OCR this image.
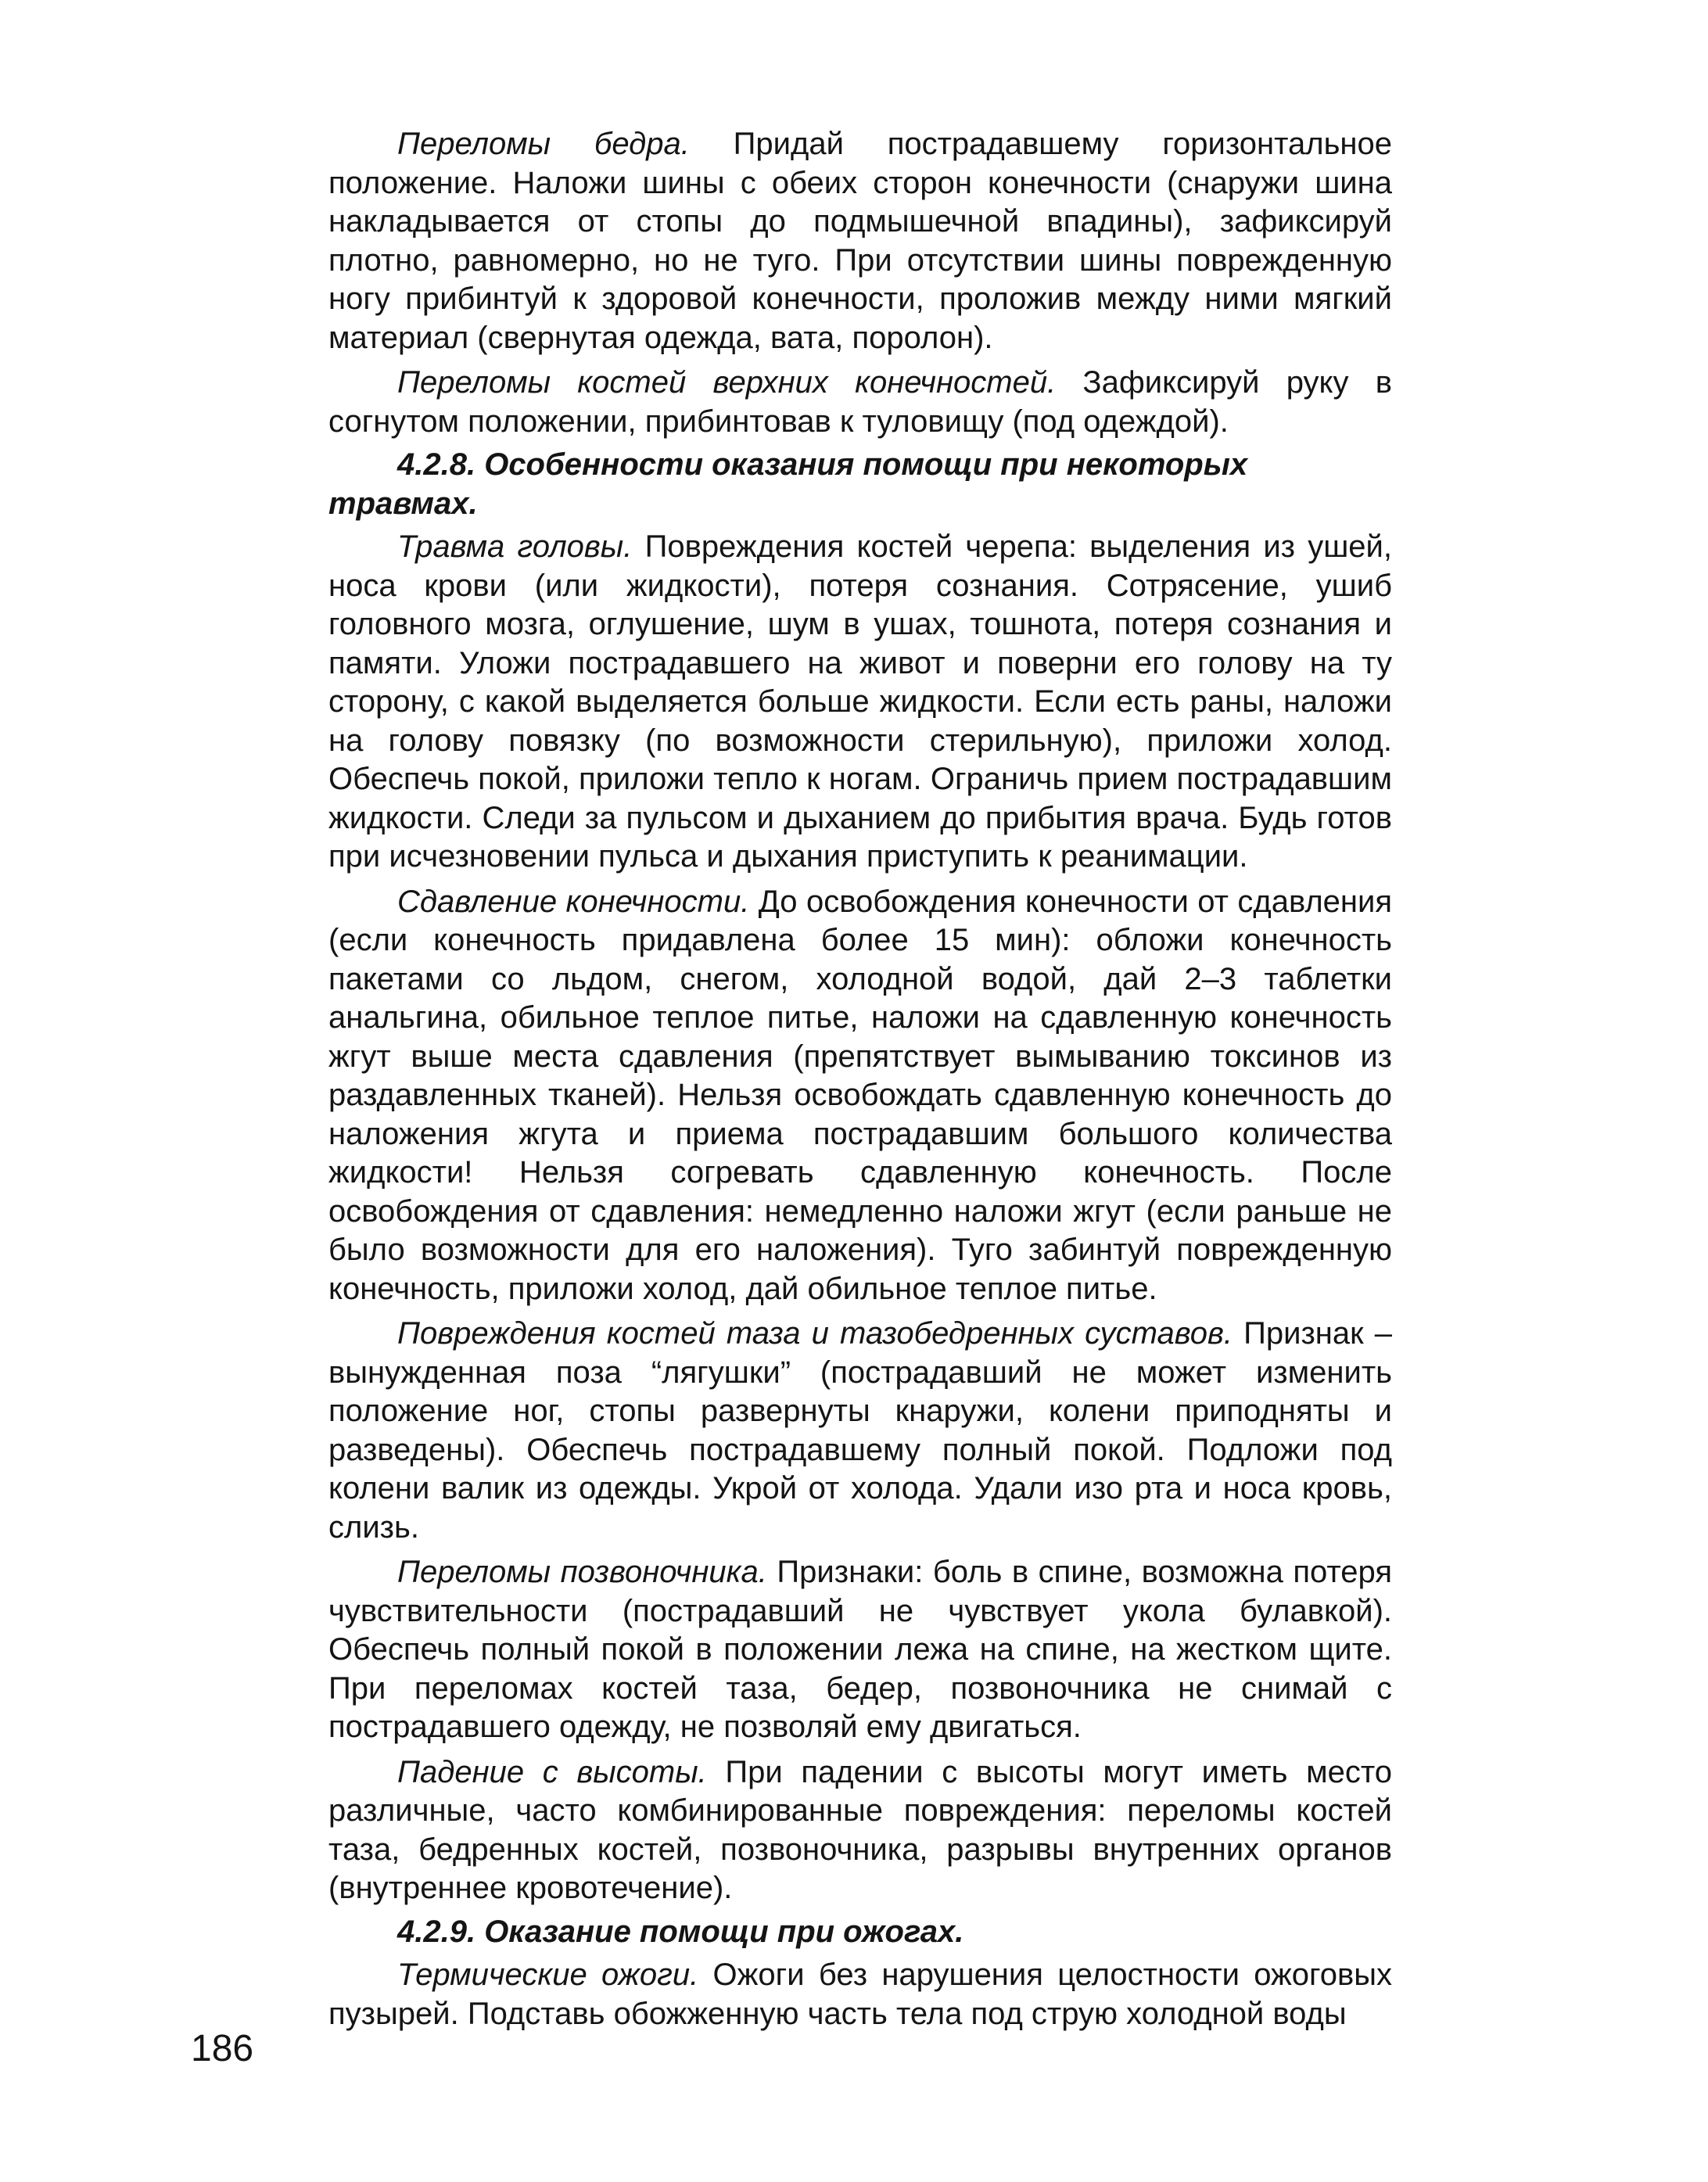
Переломы бедра. Придай пострадавшему горизонтальное положение. Наложи шины с обеих сторон конечности (снаружи шина накладывается от стопы до подмышечной впадины), зафиксируй плотно, равномерно, но не туго. При отсутствии шины поврежденную ногу прибинтуй к здоровой конечности, проложив между ними мягкий материал (свернутая одежда, вата, поролон).

Переломы костей верхних конечностей. Зафиксируй руку в согнутом положении, прибинтовав к туловищу (под одеждой).

4.2.8. Особенности оказания помощи при некоторых травмах.

Травма головы. Повреждения костей черепа: выделения из ушей, носа крови (или жидкости), потеря сознания. Сотрясение, ушиб головного мозга, оглушение, шум в ушах, тошнота, потеря сознания и памяти. Уложи пострадавшего на живот и поверни его голову на ту сторону, с какой выделяется больше жидкости. Если есть раны, наложи на голову повязку (по возможности стерильную), приложи холод. Обеспечь покой, приложи тепло к ногам. Ограничь прием пострадавшим жидкости. Следи за пульсом и дыханием до прибытия врача. Будь готов при исчезновении пульса и дыхания приступить к реанимации.

Сдавление конечности. До освобождения конечности от сдавления (если конечность придавлена более 15 мин): обложи конечность пакетами со льдом, снегом, холодной водой, дай 2–3 таблетки анальгина, обильное теплое питье, наложи на сдавленную конечность жгут выше места сдавления (препятствует вымыванию токсинов из раздавленных тканей). Нельзя освобождать сдавленную конечность до наложения жгута и приема пострадавшим большого количества жидкости! Нельзя согревать сдавленную конечность. После освобождения от сдавления: немедленно наложи жгут (если раньше не было возможности для его наложения). Туго забинтуй поврежденную конечность, приложи холод, дай обильное теплое питье.

Повреждения костей таза и тазобедренных суставов. Признак – вынужденная поза “лягушки” (пострадавший не может изменить положение ног, стопы развернуты кнаружи, колени приподняты и разведены). Обеспечь пострадавшему полный покой. Подложи под колени валик из одежды. Укрой от холода. Удали изо рта и носа кровь, слизь.

Переломы позвоночника. Признаки: боль в спине, возможна потеря чувствительности (пострадавший не чувствует укола булавкой). Обеспечь полный покой в положении лежа на спине, на жестком щите. При переломах костей таза, бедер, позвоночника не снимай с пострадавшего одежду, не позволяй ему двигаться.

Падение с высоты. При падении с высоты могут иметь место различные, часто комбинированные повреждения: переломы костей таза, бедренных костей, позвоночника, разрывы внутренних органов (внутреннее кровотечение).

4.2.9. Оказание помощи при ожогах.

Термические ожоги. Ожоги без нарушения целостности ожоговых пузырей. Подставь обожженную часть тела под струю холодной воды

186
